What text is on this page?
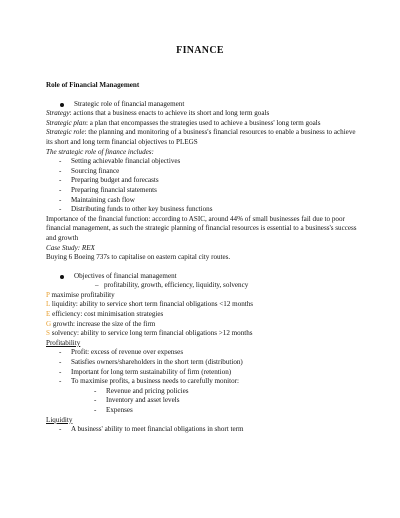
FINANCE
Role of Financial Management
Strategic role of financial management
Strategy: actions that a business enacts to achieve its short and long term goals
Strategic plan: a plan that encompasses the strategies used to achieve a business' long term goals
Strategic role: the planning and monitoring of a business's financial resources to enable a business to achieve its short and long term financial objectives to PLEGS
The strategic role of finance includes:
- Setting achievable financial objectives
- Sourcing finance
- Preparing budget and forecasts
- Preparing financial statements
- Maintaining cash flow
- Distributing funds to other key business functions
Importance of the financial function: according to ASIC, around 44% of small businesses fail due to poor financial management, as such the strategic planning of financial resources is essential to a business's success and growth
Case Study: REX
Buying 6 Boeing 737s to capitalise on eastern capital city routes.
Objectives of financial management
– profitability, growth, efficiency, liquidity, solvency
P maximise profitability
L liquidity: ability to service short term financial obligations <12 months
E efficiency: cost minimisation strategies
G growth: increase the size of the firm
S solvency: ability to service long term financial obligations >12 months
Profitability
- Profit: excess of revenue over expenses
- Satisfies owners/shareholders in the short term (distribution)
- Important for long term sustainability of firm (retention)
- To maximise profits, a business needs to carefully monitor:
- Revenue and pricing policies
- Inventory and asset levels
- Expenses
Liquidity
- A business' ability to meet financial obligations in short term
